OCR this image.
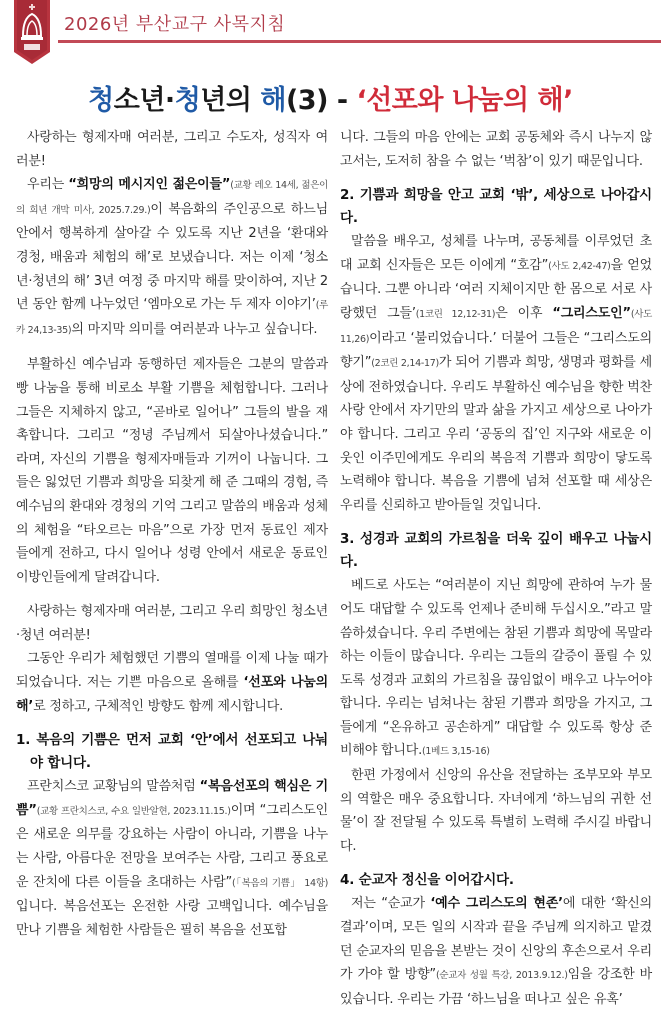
2026년 부산교구 사목지침
청소년·청년의 해(3) - ‘선포와 나눔의 해’

사랑하는 형제자매 여러분, 그리고 수도자, 성직자 여러분!

우리는 “희망의 메시지인 젊은이들”(교황 레오 14세, 젊은이의 희년 개막 미사, 2025.7.29.)이 복음화의 주인공으로 하느님 안에서 행복하게 살아갈 수 있도록 지난 2년을 ‘환대와 경청, 배움과 체험의 해’로 보냈습니다. 저는 이제 ‘청소년·청년의 해’ 3년 여정 중 마지막 해를 맞이하여, 지난 2년 동안 함께 나누었던 ‘엠마오로 가는 두 제자 이야기’(루카 24,13-35)의 마지막 의미를 여러분과 나누고 싶습니다.

부활하신 예수님과 동행하던 제자들은 그분의 말씀과 빵 나눔을 통해 비로소 부활 기쁨을 체험합니다. 그러나 그들은 지체하지 않고, “곧바로 일어나” 그들의 발을 재촉합니다. 그리고 “정녕 주님께서 되살아나셨습니다.” 라며, 자신의 기쁨을 형제자매들과 기꺼이 나눕니다. 그들은 잃었던 기쁨과 희망을 되찾게 해 준 그때의 경험, 즉 예수님의 환대와 경청의 기억 그리고 말씀의 배움과 성체의 체험을 “타오르는 마음”으로 가장 먼저 동료인 제자들에게 전하고, 다시 일어나 성령 안에서 새로운 동료인 이방인들에게 달려갑니다.

사랑하는 형제자매 여러분, 그리고 우리 희망인 청소년·청년 여러분!

그동안 우리가 체험했던 기쁨의 열매를 이제 나눌 때가 되었습니다. 저는 기쁜 마음으로 올해를 ‘선포와 나눔의 해’로 정하고, 구체적인 방향도 함께 제시합니다.

1. 복음의 기쁨은 먼저 교회 ‘안’에서 선포되고 나눠야 합니다.

프란치스코 교황님의 말씀처럼 “복음선포의 핵심은 기쁨”(교황 프란치스코, 수요 일반알현, 2023.11.15.)이며 “그리스도인은 새로운 의무를 강요하는 사람이 아니라, 기쁨을 나누는 사람, 아름다운 전망을 보여주는 사람, 그리고 풍요로운 잔치에 다른 이들을 초대하는 사람”(「복음의 기쁨」 14항)입니다. 복음선포는 온전한 사랑 고백입니다. 예수님을 만나 기쁨을 체험한 사람들은 필히 복음을 선포합

니다. 그들의 마음 안에는 교회 공동체와 즉시 나누지 않고서는, 도저히 참을 수 없는 ‘벅참’이 있기 때문입니다.

2. 기쁨과 희망을 안고 교회 ‘밖’, 세상으로 나아갑시다.

말씀을 배우고, 성체를 나누며, 공동체를 이루었던 초대 교회 신자들은 모든 이에게 “호감”(사도 2,42-47)을 얻었습니다. 그뿐 아니라 ‘여러 지체이지만 한 몸으로 서로 사랑했던 그들’(1코린 12,12-31)은 이후 “그리스도인”(사도 11,26)이라고 ‘불리었습니다.’ 더불어 그들은 “그리스도의 향기”(2코린 2,14-17)가 되어 기쁨과 희망, 생명과 평화를 세상에 전하였습니다. 우리도 부활하신 예수님을 향한 벅찬 사랑 안에서 자기만의 말과 삶을 가지고 세상으로 나아가야 합니다. 그리고 우리 ‘공동의 집’인 지구와 새로운 이웃인 이주민에게도 우리의 복음적 기쁨과 희망이 닿도록 노력해야 합니다. 복음을 기쁨에 넘쳐 선포할 때 세상은 우리를 신뢰하고 받아들일 것입니다.

3. 성경과 교회의 가르침을 더욱 깊이 배우고 나눕시다.

베드로 사도는 “여러분이 지닌 희망에 관하여 누가 물어도 대답할 수 있도록 언제나 준비해 두십시오.”라고 말씀하셨습니다. 우리 주변에는 참된 기쁨과 희망에 목말라하는 이들이 많습니다. 우리는 그들의 갈증이 풀릴 수 있도록 성경과 교회의 가르침을 끊임없이 배우고 나누어야 합니다. 우리는 넘쳐나는 참된 기쁨과 희망을 가지고, 그들에게 “온유하고 공손하게” 대답할 수 있도록 항상 준비해야 합니다.(1베드 3,15-16)

한편 가정에서 신앙의 유산을 전달하는 조부모와 부모의 역할은 매우 중요합니다. 자녀에게 ‘하느님의 귀한 선물’이 잘 전달될 수 있도록 특별히 노력해 주시길 바랍니다.

4. 순교자 정신을 이어갑시다.

저는 “순교가 ‘예수 그리스도의 현존’에 대한 ‘확신의 결과’이며, 모든 일의 시작과 끝을 주님께 의지하고 맡겼던 순교자의 믿음을 본받는 것이 신앙의 후손으로서 우리가 가야 할 방향”(순교자 성월 특강, 2013.9.12.)임을 강조한 바 있습니다. 우리는 가끔 ‘하느님을 떠나고 싶은 유혹’
